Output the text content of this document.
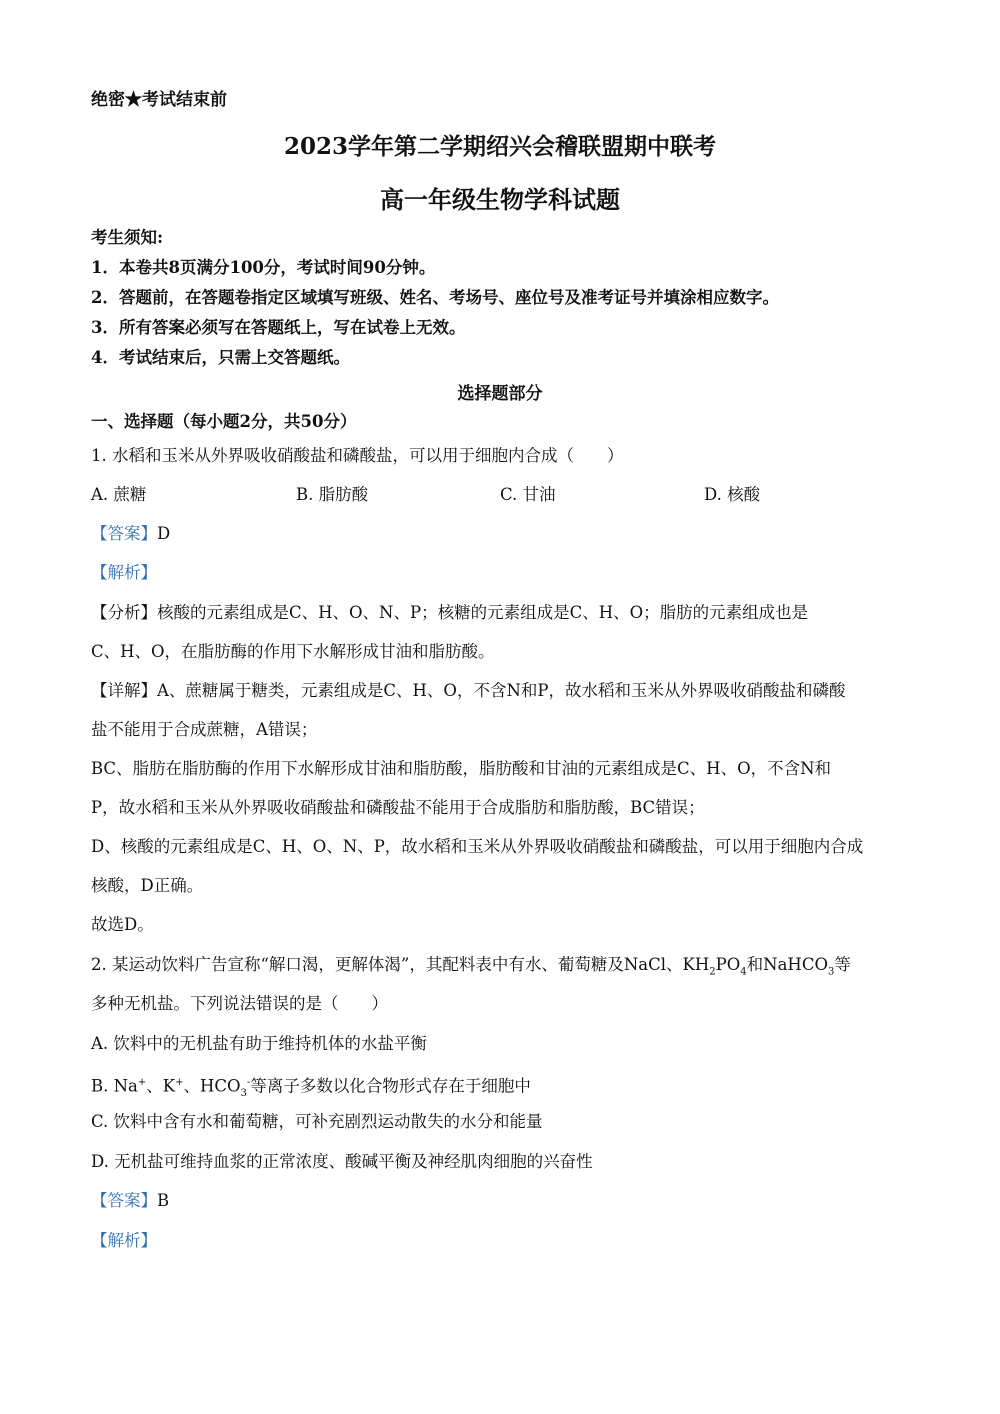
绝密★考试结束前
2023学年第二学期绍兴会稽联盟期中联考
高一年级生物学科试题
考生须知:
1．本卷共8页满分100分，考试时间90分钟。
2．答题前，在答题卷指定区域填写班级、姓名、考场号、座位号及准考证号并填涂相应数字。
3．所有答案必须写在答题纸上，写在试卷上无效。
4．考试结束后，只需上交答题纸。
选择题部分
一、选择题（每小题2分，共50分）
1. 水稻和玉米从外界吸收硝酸盐和磷酸盐，可以用于细胞内合成（　　）
A. 蔗糖	B. 脂肪酸	C. 甘油	D. 核酸
【答案】D
【解析】
【分析】核酸的元素组成是C、H、O、N、P；核糖的元素组成是C、H、O；脂肪的元素组成也是
C、H、O，在脂肪酶的作用下水解形成甘油和脂肪酸。
【详解】A、蔗糖属于糖类，元素组成是C、H、O，不含N和P，故水稻和玉米从外界吸收硝酸盐和磷酸
盐不能用于合成蔗糖，A错误；
BC、脂肪在脂肪酶的作用下水解形成甘油和脂肪酸，脂肪酸和甘油的元素组成是C、H、O，不含N和
P，故水稻和玉米从外界吸收硝酸盐和磷酸盐不能用于合成脂肪和脂肪酸，BC错误；
D、核酸的元素组成是C、H、O、N、P，故水稻和玉米从外界吸收硝酸盐和磷酸盐，可以用于细胞内合成
核酸，D正确。
故选D。
2. 某运动饮料广告宣称“解口渴，更解体渴”，其配料表中有水、葡萄糖及NaCl、$KH_2PO_4$和NaHCO$_3$等
多种无机盐。下列说法错误的是（　　）
A. 饮料中的无机盐有助于维持机体的水盐平衡
B. Na+、K+、$HCO_3^-$等离子多数以化合物形式存在于细胞中
C. 饮料中含有水和葡萄糖，可补充剧烈运动散失的水分和能量
D. 无机盐可维持血浆的正常浓度、酸碱平衡及神经肌肉细胞的兴奋性
【答案】B
【解析】
